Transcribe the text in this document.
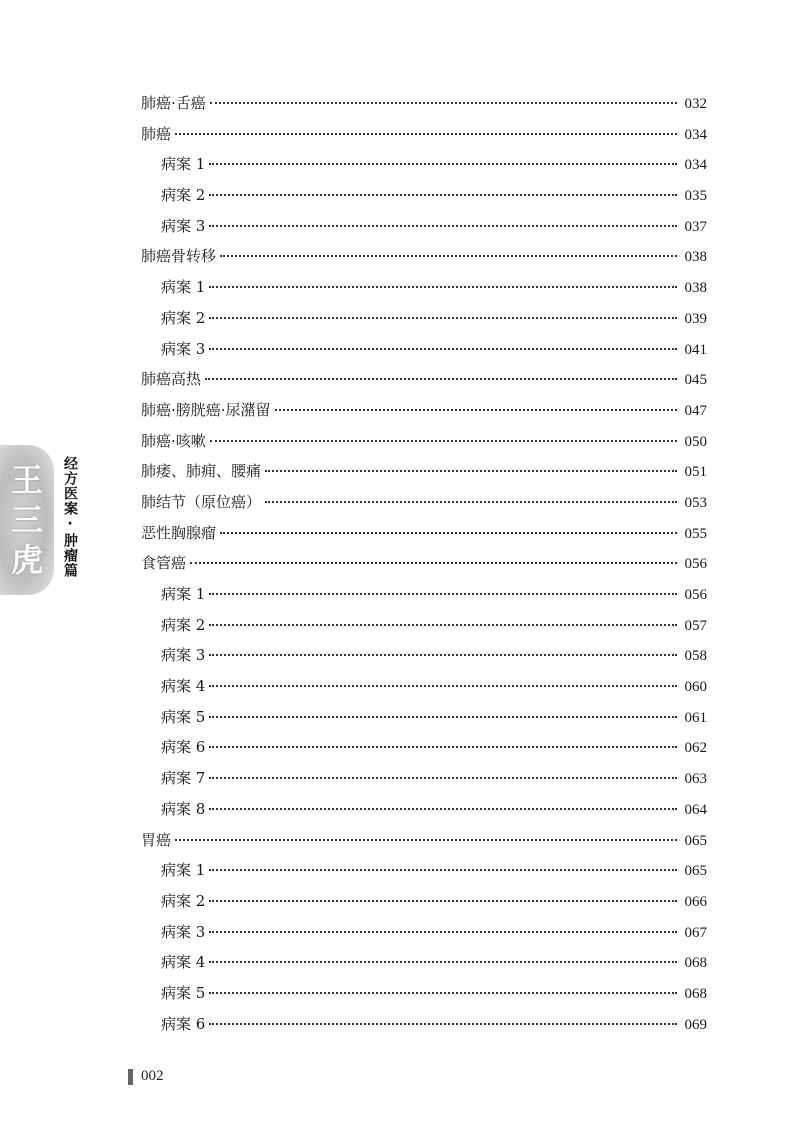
肺癌·舌癌	032
肺癌	034
病案 1	034
病案 2	035
病案 3	037
肺癌骨转移	038
病案 1	038
病案 2	039
病案 3	041
肺癌高热	045
肺癌·膀胱癌·尿潴留	047
肺癌·咳嗽	050
肺痿、肺痈、腰痛	051
肺结节（原位癌）	053
恶性胸腺瘤	055
食管癌	056
病案 1	056
病案 2	057
病案 3	058
病案 4	060
病案 5	061
病案 6	062
病案 7	063
病案 8	064
胃癌	065
病案 1	065
病案 2	066
病案 3	067
病案 4	068
病案 5	068
病案 6	069
王
三
虎	经方医案·肿瘤篇
002
